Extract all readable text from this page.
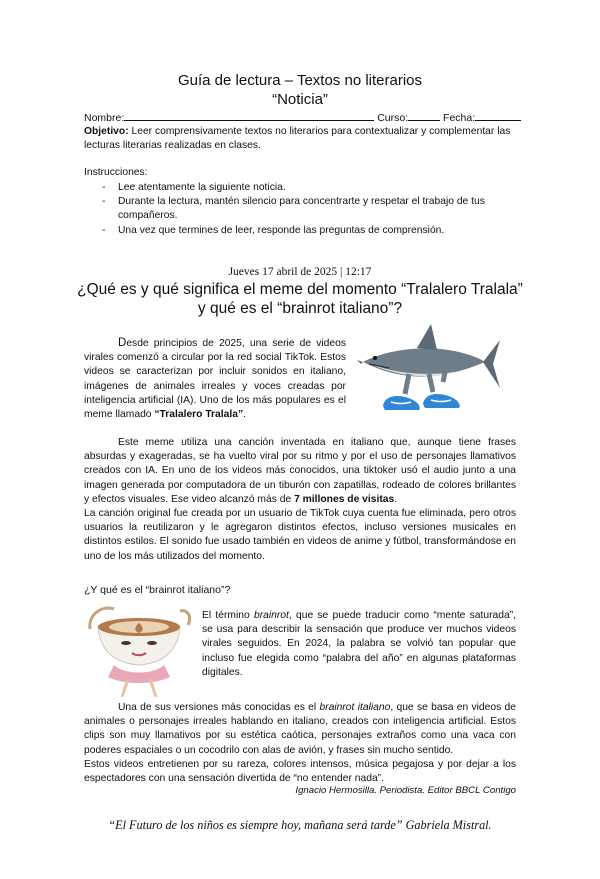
Guía de lectura – Textos no literarios
“Noticia”
Nombre:	Curso:	Fecha:
Objetivo: Leer comprensivamente textos no literarios para contextualizar y complementar las lecturas literarias realizadas en clases.
Instrucciones:
- Lee atentamente la siguiente noticia.
- Durante la lectura, mantén silencio para concentrarte y respetar el trabajo de tus compañeros.
- Una vez que termines de leer, responde las preguntas de comprensión.
Jueves 17 abril de 2025 | 12:17
¿Qué es y qué significa el meme del momento “Tralalero Tralala” y qué es el “brainrot italiano”?

Desde principios de 2025, una serie de videos virales comenzó a circular por la red social TikTok. Estos videos se caracterizan por incluir sonidos en italiano, imágenes de animales irreales y voces creadas por inteligencia artificial (IA). Uno de los más populares es el meme llamado “Tralalero Tralala”.

Este meme utiliza una canción inventada en italiano que, aunque tiene frases absurdas y exageradas, se ha vuelto viral por su ritmo y por el uso de personajes llamativos creados con IA. En uno de los videos más conocidos, una tiktoker usó el audio junto a una imagen generada por computadora de un tiburón con zapatillas, rodeado de colores brillantes y efectos visuales. Ese video alcanzó más de 7 millones de visitas.

La canción original fue creada por un usuario de TikTok cuya cuenta fue eliminada, pero otros usuarios la reutilizaron y le agregaron distintos efectos, incluso versiones musicales en distintos estilos. El sonido fue usado también en videos de anime y fútbol, transformándose en uno de los más utilizados del momento.

¿Y qué es el “brainrot italiano”?

El término brainrot, que se puede traducir como “mente saturada”, se usa para describir la sensación que produce ver muchos videos virales seguidos. En 2024, la palabra se volvió tan popular que incluso fue elegida como “palabra del año” en algunas plataformas digitales.

Una de sus versiones más conocidas es el brainrot italiano, que se basa en videos de animales o personajes irreales hablando en italiano, creados con inteligencia artificial. Estos clips son muy llamativos por su estética caótica, personajes extraños como una vaca con poderes espaciales o un cocodrilo con alas de avión, y frases sin mucho sentido.

Estos videos entretienen por su rareza, colores intensos, música pegajosa y por dejar a los espectadores con una sensación divertida de “no entender nada”.

Ignacio Hermosilla. Periodista. Editor BBCL Contigo
“El Futuro de los niños es siempre hoy, mañana será tarde” Gabriela Mistral.
